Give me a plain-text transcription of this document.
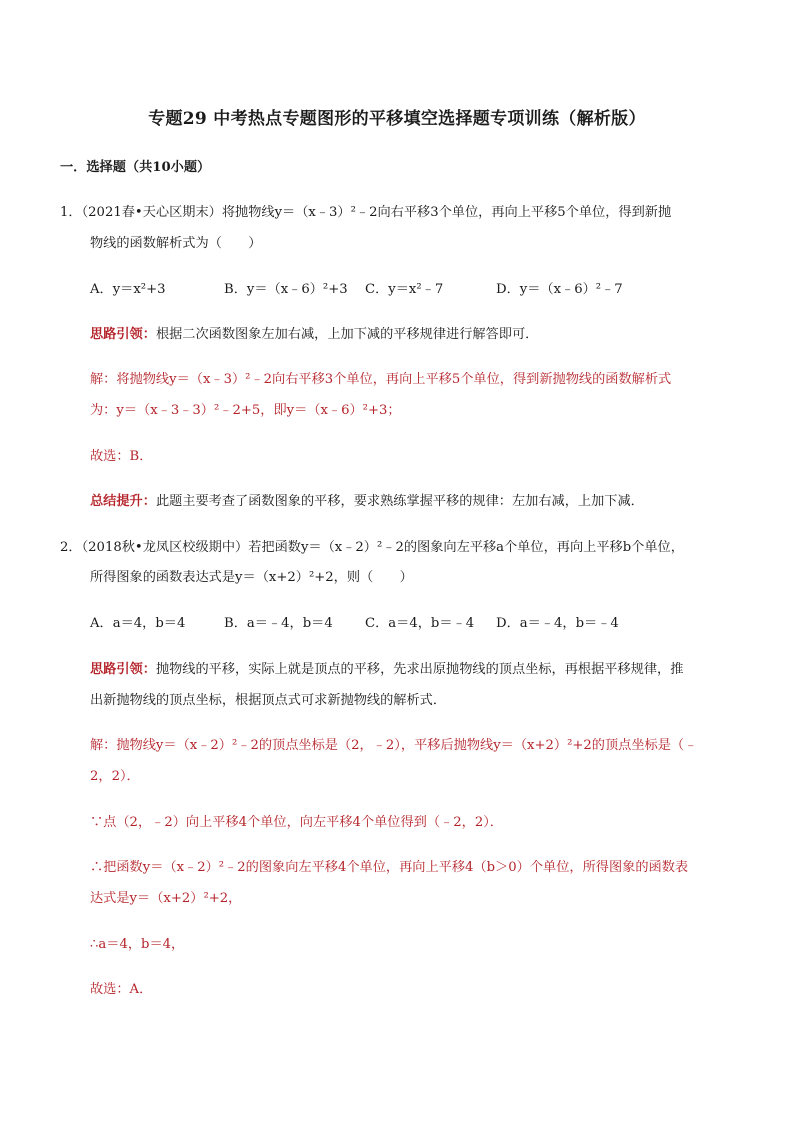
专题29 中考热点专题图形的平移填空选择题专项训练（解析版）
一．选择题（共10小题）
1．（2021春•天心区期末）将抛物线y＝（x﹣3）²﹣2向右平移3个单位，再向上平移5个单位，得到新抛
物线的函数解析式为（　　）
A．y＝x²+3	B．y＝（x﹣6）²+3 C．y＝x²﹣7	D．y＝（x﹣6）²﹣7
思路引领：根据二次函数图象左加右减，上加下减的平移规律进行解答即可．
解：将抛物线y＝（x﹣3）²﹣2向右平移3个单位，再向上平移5个单位，得到新抛物线的函数解析式
为：y＝（x﹣3﹣3）²﹣2+5，即y＝（x﹣6）²+3；
故选：B．
总结提升：此题主要考查了函数图象的平移，要求熟练掌握平移的规律：左加右减，上加下减．
2．（2018秋•龙凤区校级期中）若把函数y＝（x﹣2）²﹣2的图象向左平移a个单位，再向上平移b个单位，
所得图象的函数表达式是y＝（x+2）²+2，则（　　）
A．a＝4，b＝4	B．a＝﹣4，b＝4 C．a＝4，b＝﹣4 D．a＝﹣4，b＝﹣4
思路引领：抛物线的平移，实际上就是顶点的平移，先求出原抛物线的顶点坐标，再根据平移规律，推
出新抛物线的顶点坐标，根据顶点式可求新抛物线的解析式．
解：抛物线y＝（x﹣2）²﹣2的顶点坐标是（2，﹣2），平移后抛物线y＝（x+2）²+2的顶点坐标是（﹣
2，2）．
∵点（2，﹣2）向上平移4个单位，向左平移4个单位得到（﹣2，2）．
∴把函数y＝（x﹣2）²﹣2的图象向左平移4个单位，再向上平移4（b＞0）个单位，所得图象的函数表
达式是y＝（x+2）²+2，
∴a＝4，b＝4，
故选：A．
